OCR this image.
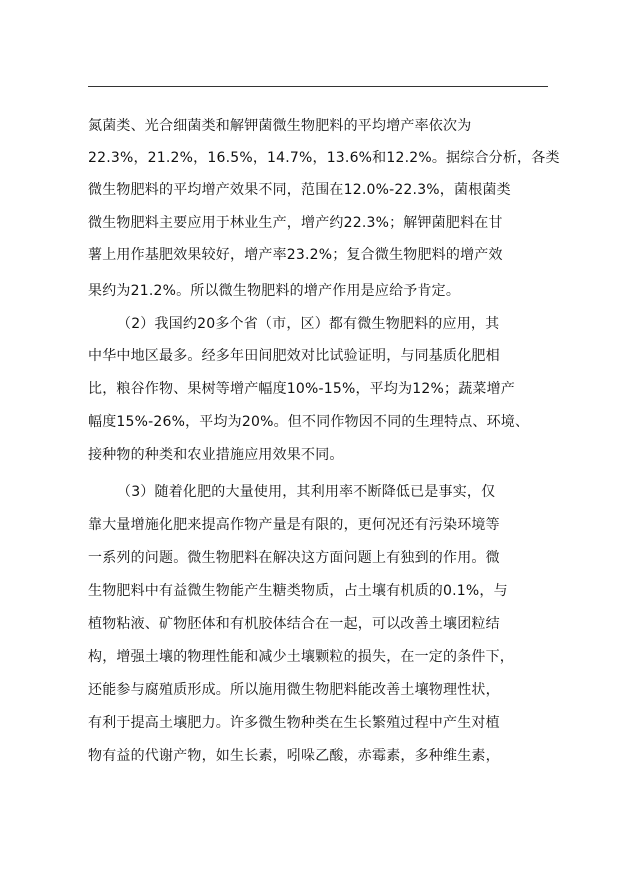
氮菌类、光合细菌类和解钾菌微生物肥料的平均增产率依次为
22.3%，21.2%，16.5%，14.7%，13.6%和12.2%。据综合分析，各类
微生物肥料的平均增产效果不同，范围在12.0%-22.3%，菌根菌类
微生物肥料主要应用于林业生产，增产约22.3%；解钾菌肥料在甘
薯上用作基肥效果较好，增产率23.2%；复合微生物肥料的增产效
果约为21.2%。所以微生物肥料的增产作用是应给予肯定。
（2）我国约20多个省（市，区）都有微生物肥料的应用，其
中华中地区最多。经多年田间肥效对比试验证明，与同基质化肥相
比，粮谷作物、果树等增产幅度10%-15%，平均为12%；蔬菜增产
幅度15%-26%，平均为20%。但不同作物因不同的生理特点、环境、
接种物的种类和农业措施应用效果不同。
（3）随着化肥的大量使用，其利用率不断降低已是事实，仅
靠大量增施化肥来提高作物产量是有限的，更何况还有污染环境等
一系列的问题。微生物肥料在解决这方面问题上有独到的作用。微
生物肥料中有益微生物能产生糖类物质，占土壤有机质的0.1%，与
植物粘液、矿物胚体和有机胶体结合在一起，可以改善土壤团粒结
构，增强土壤的物理性能和减少土壤颗粒的损失，在一定的条件下，
还能参与腐殖质形成。所以施用微生物肥料能改善土壤物理性状，
有利于提高土壤肥力。许多微生物种类在生长繁殖过程中产生对植
物有益的代谢产物，如生长素，吲哚乙酸，赤霉素，多种维生素，
